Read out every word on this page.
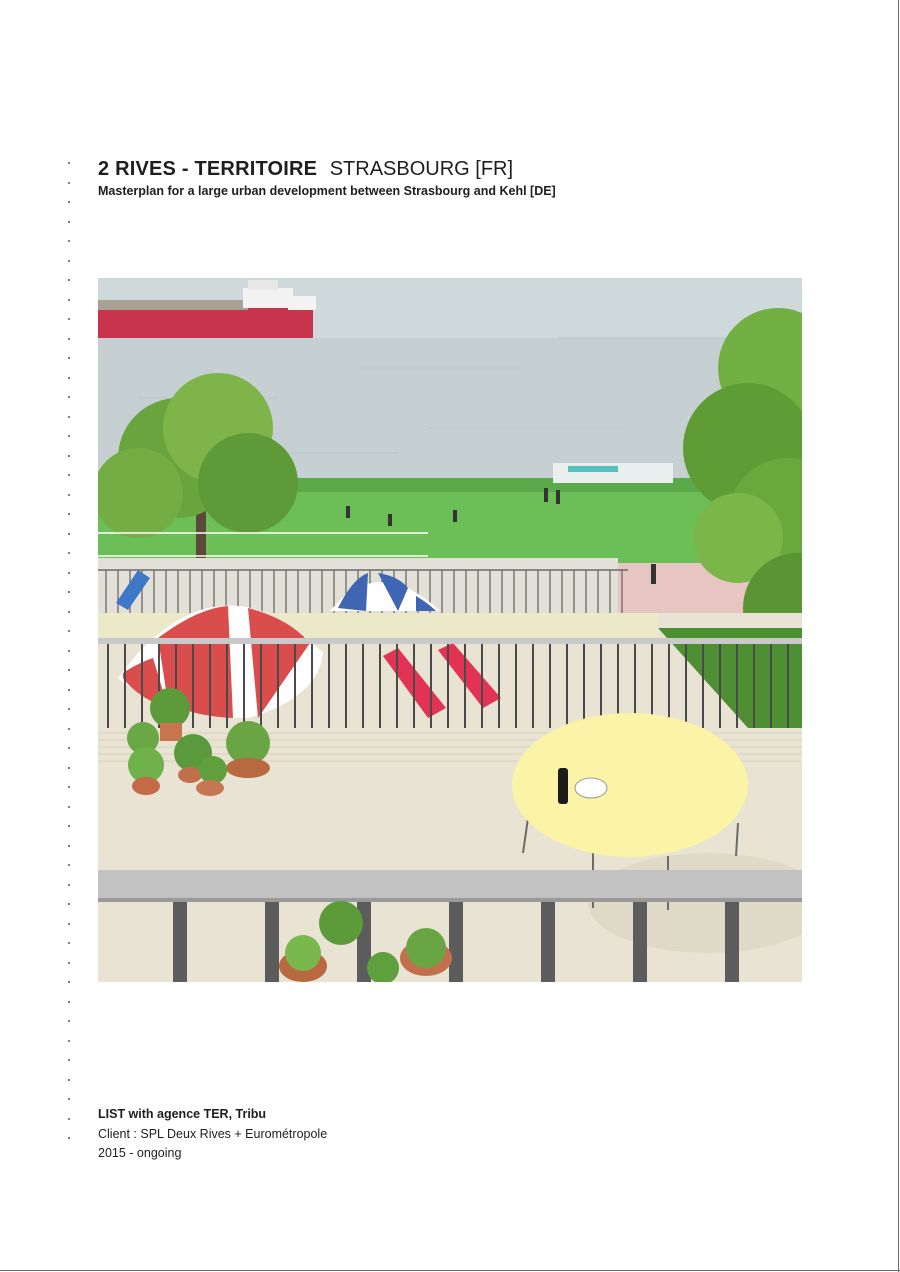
2 RIVES - TERRITOIRE STRASBOURG [FR]
Masterplan for a large urban development between Strasbourg and Kehl [DE]
LIST with agence TER, Tribu
Client : SPL Deux Rives + Eurométropole
2015 - ongoing
